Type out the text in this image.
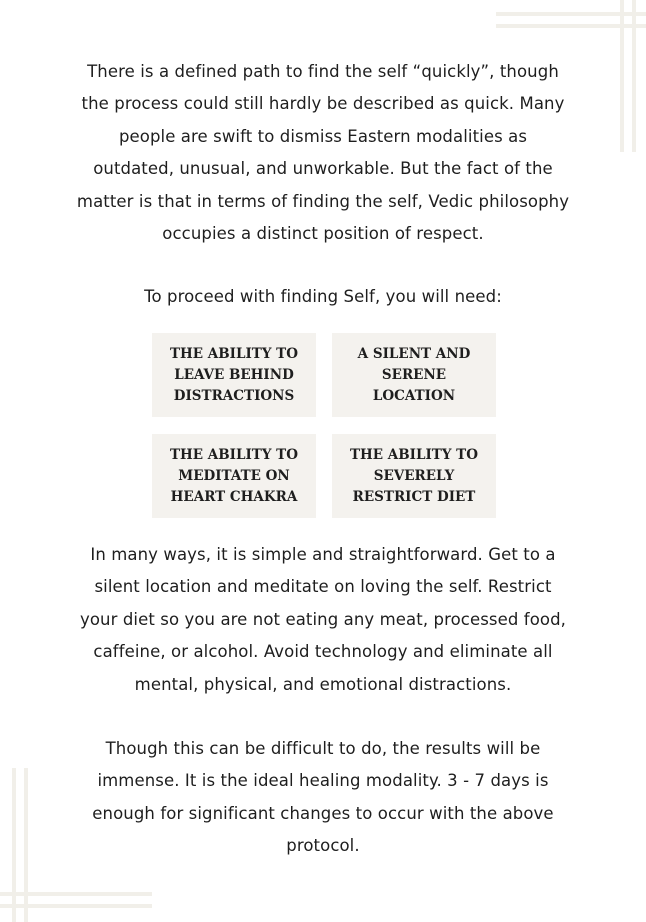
There is a defined path to find the self “quickly”, though
the process could still hardly be described as quick. Many
people are swift to dismiss Eastern modalities as
outdated, unusual, and unworkable. But the fact of the
matter is that in terms of finding the self, Vedic philosophy
occupies a distinct position of respect.

To proceed with finding Self, you will need:

THE ABILITY TO
LEAVE BEHIND
DISTRACTIONS
A SILENT AND
SERENE LOCATION
THE ABILITY TO
MEDITATE ON
HEART CHAKRA
THE ABILITY TO
SEVERELY
RESTRICT DIET

In many ways, it is simple and straightforward. Get to a
silent location and meditate on loving the self. Restrict
your diet so you are not eating any meat, processed food,
caffeine, or alcohol. Avoid technology and eliminate all
mental, physical, and emotional distractions.

Though this can be difficult to do, the results will be
immense. It is the ideal healing modality. 3 - 7 days is
enough for significant changes to occur with the above
protocol.
